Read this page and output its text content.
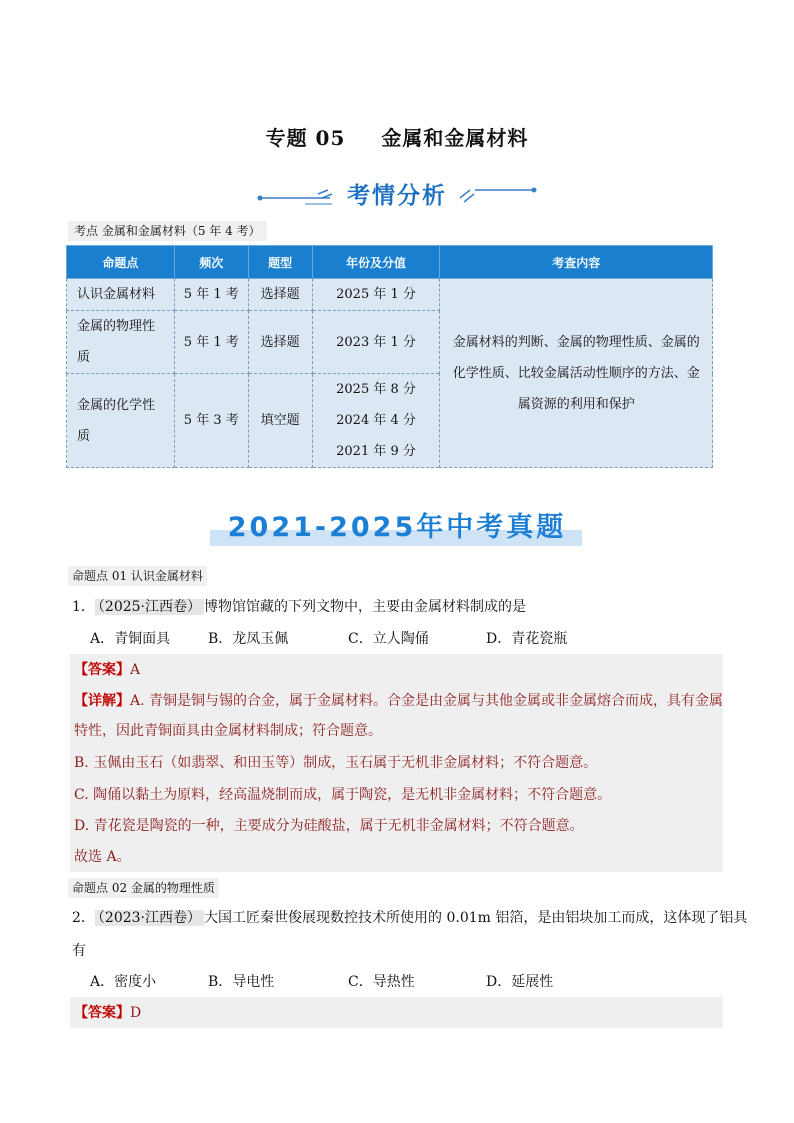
专题 05 金属和金属材料
考情分析
考点 金属和金属材料（5 年 4 考）
命题点	频次	题型	年份及分值	考查内容
认识金属材料	5 年 1 考	选择题	2025 年 1 分	金属材料的判断、金属的物理性质、金属的化学性质、比较金属活动性顺序的方法、金属资源的利用和保护
金属的物理性质	5 年 1 考	选择题	2023 年 1 分	
金属的化学性质	5 年 3 考	填空题	2025 年 8 分
2024 年 4 分
2021 年 9 分	
2021-2025年中考真题
命题点 01 认识金属材料
1． （2025·江西卷） 博物馆馆藏的下列文物中，主要由金属材料制成的是
A．青铜面具	B．龙凤玉佩	C．立人陶俑	D．青花瓷瓶
【答案】A
【详解】A. 青铜是铜与锡的合金，属于金属材料。合金是由金属与其他金属或非金属熔合而成，具有金属
特性，因此青铜面具由金属材料制成；符合题意。
B. 玉佩由玉石（如翡翠、和田玉等）制成，玉石属于无机非金属材料；不符合题意。
C. 陶俑以黏土为原料，经高温烧制而成，属于陶瓷，是无机非金属材料；不符合题意。
D. 青花瓷是陶瓷的一种，主要成分为硅酸盐，属于无机非金属材料；不符合题意。
故选 A。
命题点 02 金属的物理性质
2． （2023·江西卷） 大国工匠秦世俊展现数控技术所使用的 0.01m 铝箔，是由铝块加工而成，这体现了铝具
有
A．密度小	B．导电性	C．导热性	D．延展性
【答案】D
